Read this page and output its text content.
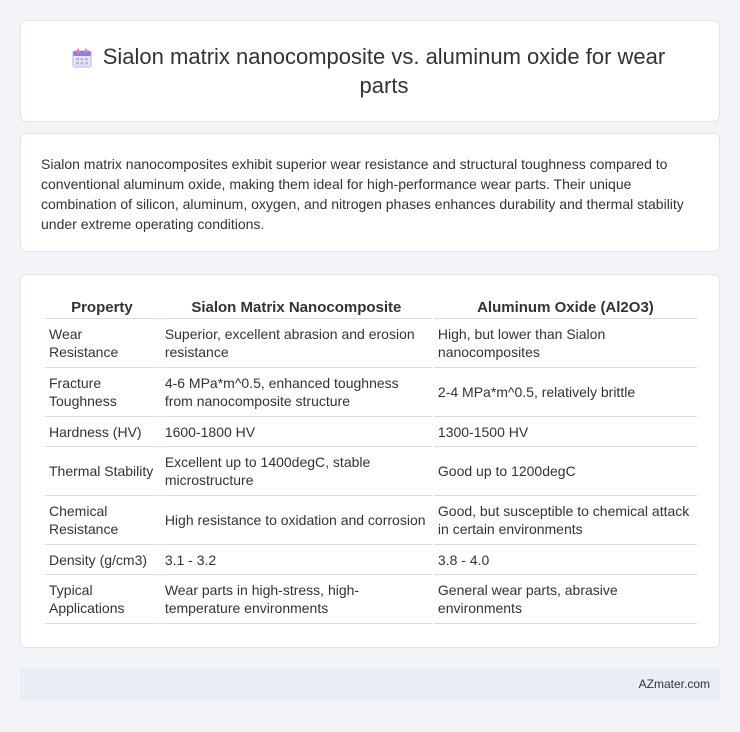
Sialon matrix nanocomposite vs. aluminum oxide for wear parts

Sialon matrix nanocomposites exhibit superior wear resistance and structural toughness compared to conventional aluminum oxide, making them ideal for high-performance wear parts. Their unique combination of silicon, aluminum, oxygen, and nitrogen phases enhances durability and thermal stability under extreme operating conditions.

Property	Sialon Matrix Nanocomposite	Aluminum Oxide (Al2O3)
Wear Resistance	Superior, excellent abrasion and erosion resistance	High, but lower than Sialon nanocomposites
Fracture Toughness	4-6 MPa*m^0.5, enhanced toughness from nanocomposite structure	2-4 MPa*m^0.5, relatively brittle
Hardness (HV)	1600-1800 HV	1300-1500 HV
Thermal Stability	Excellent up to 1400degC, stable microstructure	Good up to 1200degC
Chemical Resistance	High resistance to oxidation and corrosion	Good, but susceptible to chemical attack in certain environments
Density (g/cm3)	3.1 - 3.2	3.8 - 4.0
Typical Applications	Wear parts in high-stress, high-temperature environments	General wear parts, abrasive environments
AZmater.com
